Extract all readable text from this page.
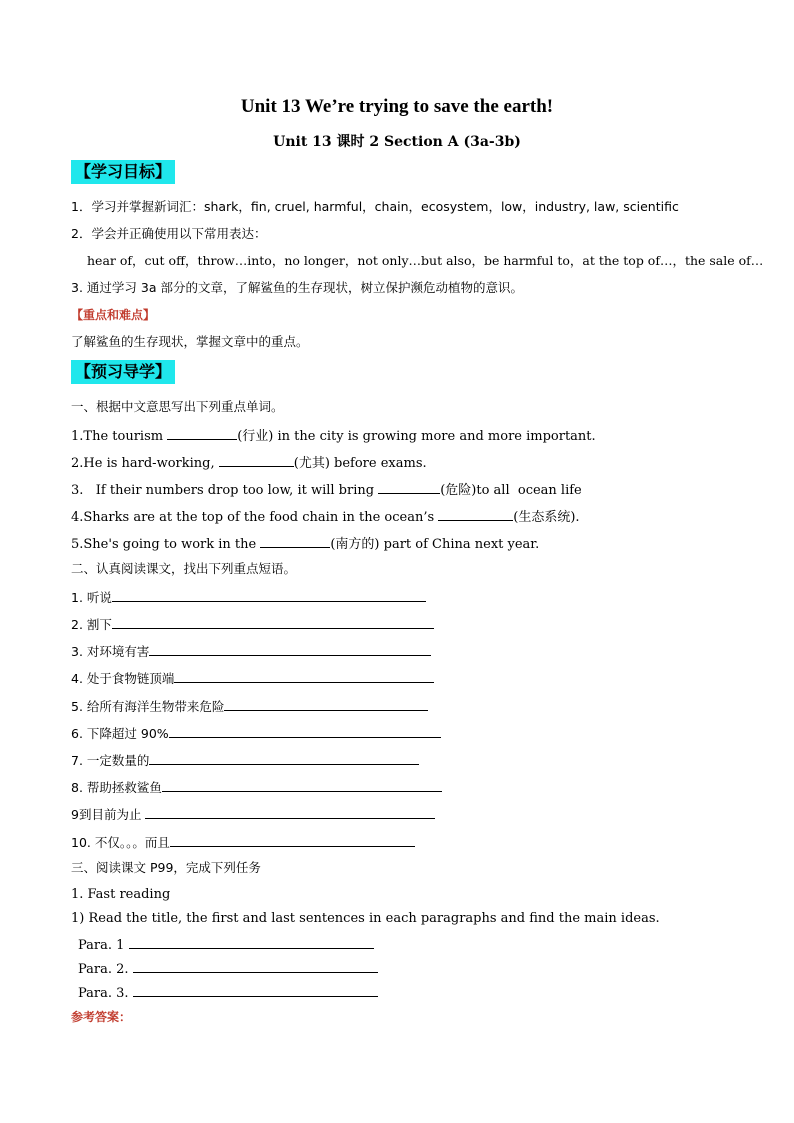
Unit 13 We’re trying to save the earth!
Unit 13 课时 2 Section A (3a-3b)
【学习目标】
1．学习并掌握新词汇：shark，fin, cruel, harmful，chain，ecosystem，low，industry, law, scientific
2．学会并正确使用以下常用表达：
hear of，cut off，throw…into，no longer，not only…but also，be harmful to，at the top of…，the sale of…
3. 通过学习 3a 部分的文章，了解鲨鱼的生存现状，树立保护濒危动植物的意识。
【重点和难点】
了解鲨鱼的生存现状，掌握文章中的重点。
【预习导学】
一、根据中文意思写出下列重点单词。
1.The tourism	(行业) in the city is growing more and more important.
2.He is hard-working,	(尤其) before exams.
3.   If their numbers drop too low, it will bring	(危险)to all  ocean life
4.Sharks are at the top of the food chain in the ocean’s	(生态系统).
5.She's going to work in the	(南方的) part of China next year.
二、认真阅读课文，找出下列重点短语。
1. 听说
2. 割下
3. 对环境有害
4. 处于食物链顶端
5. 给所有海洋生物带来危险
6. 下降超过 90%
7. 一定数量的
8. 帮助拯救鲨鱼
9到目前为止
10. 不仅。。。而且
三、阅读课文 P99，完成下列任务
1. Fast reading
1) Read the title, the first and last sentences in each paragraphs and find the main ideas.
Para. 1
Para. 2.
Para. 3.
参考答案：
